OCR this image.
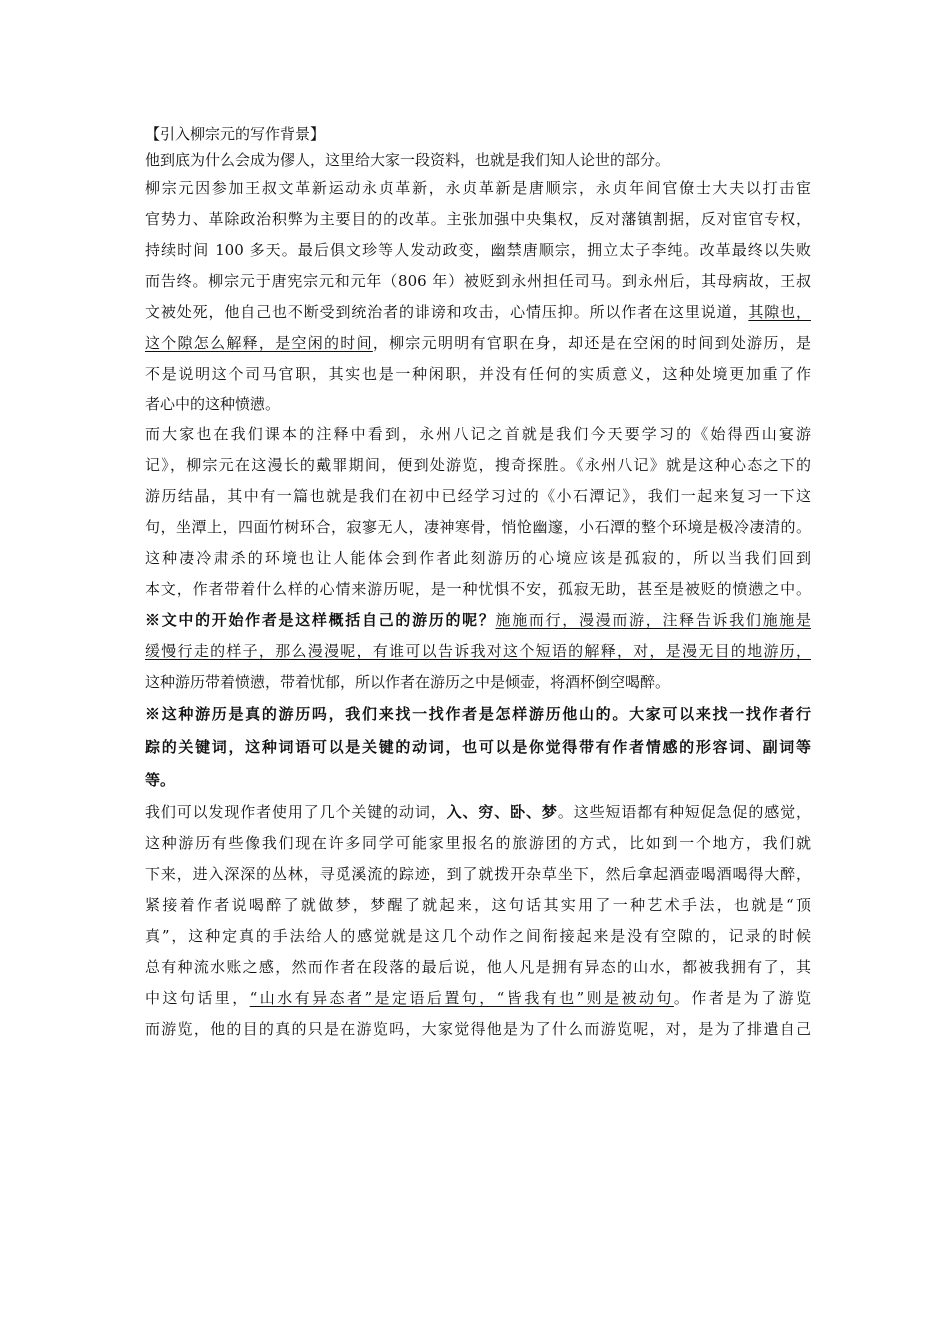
【引入柳宗元的写作背景】
他到底为什么会成为僇人，这里给大家一段资料，也就是我们知人论世的部分。
柳宗元因参加王叔文革新运动永贞革新，永贞革新是唐顺宗，永贞年间官僚士大夫以打击宦
官势力、革除政治积弊为主要目的的改革。主张加强中央集权，反对藩镇割据，反对宦官专权，
持续时间 100 多天。最后俱文珍等人发动政变，幽禁唐顺宗，拥立太子李纯。改革最终以失败
而告终。柳宗元于唐宪宗元和元年（806 年）被贬到永州担任司马。到永州后，其母病故，王叔
文被处死，他自己也不断受到统治者的诽谤和攻击，心情压抑。所以作者在这里说道，其隙也，
这个隙怎么解释，是空闲的时间，柳宗元明明有官职在身，却还是在空闲的时间到处游历，是
不是说明这个司马官职，其实也是一种闲职，并没有任何的实质意义，这种处境更加重了作
者心中的这种愤懑。
而大家也在我们课本的注释中看到，永州八记之首就是我们今天要学习的《始得西山宴游
记》，柳宗元在这漫长的戴罪期间，便到处游览，搜奇探胜。《永州八记》就是这种心态之下的
游历结晶，其中有一篇也就是我们在初中已经学习过的《小石潭记》，我们一起来复习一下这
句，坐潭上，四面竹树环合，寂寥无人，凄神寒骨，悄怆幽邃，小石潭的整个环境是极冷凄清的。
这种凄冷肃杀的环境也让人能体会到作者此刻游历的心境应该是孤寂的，所以当我们回到
本文，作者带着什么样的心情来游历呢，是一种忧惧不安，孤寂无助，甚至是被贬的愤懑之中。
※文中的开始作者是这样概括自己的游历的呢？施施而行，漫漫而游，注释告诉我们施施是
缓慢行走的样子，那么漫漫呢，有谁可以告诉我对这个短语的解释，对，是漫无目的地游历，
这种游历带着愤懑，带着忧郁，所以作者在游历之中是倾壶，将酒杯倒空喝醉。
※这种游历是真的游历吗，我们来找一找作者是怎样游历他山的。大家可以来找一找作者行
踪的关键词，这种词语可以是关键的动词，也可以是你觉得带有作者情感的形容词、副词等
等。
我们可以发现作者使用了几个关键的动词，入、穷、卧、梦。这些短语都有种短促急促的感觉，
这种游历有些像我们现在许多同学可能家里报名的旅游团的方式，比如到一个地方，我们就
下来，进入深深的丛林，寻觅溪流的踪迹，到了就拨开杂草坐下，然后拿起酒壶喝酒喝得大醉，
紧接着作者说喝醉了就做梦，梦醒了就起来，这句话其实用了一种艺术手法，也就是“顶
真”，这种定真的手法给人的感觉就是这几个动作之间衔接起来是没有空隙的，记录的时候
总有种流水账之感，然而作者在段落的最后说，他人凡是拥有异态的山水，都被我拥有了，其
中这句话里，“山水有异态者”是定语后置句，“皆我有也”则是被动句。作者是为了游览
而游览，他的目的真的只是在游览吗，大家觉得他是为了什么而游览呢，对，是为了排遣自己
